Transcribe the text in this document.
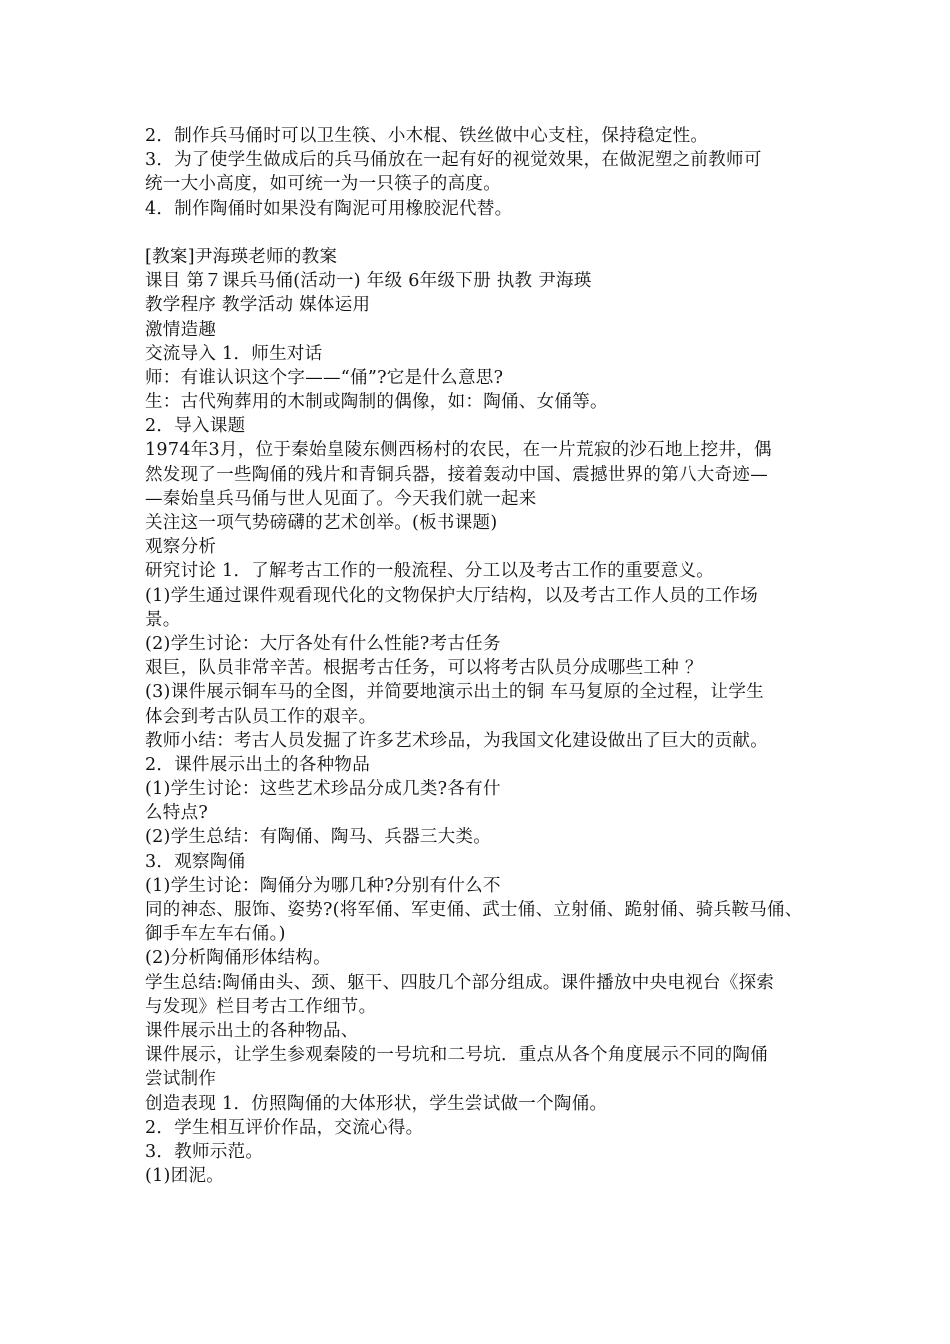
2．制作兵马俑时可以卫生筷、小木棍、铁丝做中心支柱，保持稳定性。
3．为了使学生做成后的兵马俑放在一起有好的视觉效果，在做泥塑之前教师可
统一大小高度，如可统一为一只筷子的高度。
4．制作陶俑时如果没有陶泥可用橡胶泥代替。
[教案]尹海瑛老师的教案
课目 第７课兵马俑(活动一) 年级 6年级下册 执教 尹海瑛
教学程序 教学活动 媒体运用
激情造趣
交流导入 1．师生对话
师：有谁认识这个字——“俑”?它是什么意思?
生：古代殉葬用的木制或陶制的偶像，如：陶俑、女俑等。
2．导入课题
1974年3月，位于秦始皇陵东侧西杨村的农民，在一片荒寂的沙石地上挖井，偶
然发现了一些陶俑的残片和青铜兵器，接着轰动中国、震撼世界的第八大奇迹—
—秦始皇兵马俑与世人见面了。今天我们就一起来
关注这一项气势磅礴的艺术创举。(板书课题)
观察分析
研究讨论 1．了解考古工作的一般流程、分工以及考古工作的重要意义。
(1)学生通过课件观看现代化的文物保护大厅结构，以及考古工作人员的工作场
景。
(2)学生讨论：大厅各处有什么性能?考古任务
艰巨，队员非常辛苦。根据考古任务，可以将考古队员分成哪些工种 ？
(3)课件展示铜车马的全图，并简要地演示出土的铜 车马复原的全过程，让学生
体会到考古队员工作的艰辛。
教师小结：考古人员发掘了许多艺术珍品，为我国文化建设做出了巨大的贡献。
2．课件展示出土的各种物品
(1)学生讨论：这些艺术珍品分成几类?各有什
么特点?
(2)学生总结：有陶俑、陶马、兵器三大类。
3．观察陶俑
(1)学生讨论：陶俑分为哪几种?分别有什么不
同的神态、服饰、姿势?(将军俑、军吏俑、武士俑、立射俑、跪射俑、骑兵鞍马俑、
御手车左车右俑。)
(2)分析陶俑形体结构。
学生总结:陶俑由头、颈、躯干、四肢几个部分组成。课件播放中央电视台《探索
与发现》栏目考古工作细节。
课件展示出土的各种物品、
课件展示，让学生参观秦陵的一号坑和二号坑．重点从各个角度展示不同的陶俑
尝试制作
创造表现 1．仿照陶俑的大体形状，学生尝试做一个陶俑。
2．学生相互评价作品，交流心得。
3．教师示范。
(1)团泥。
